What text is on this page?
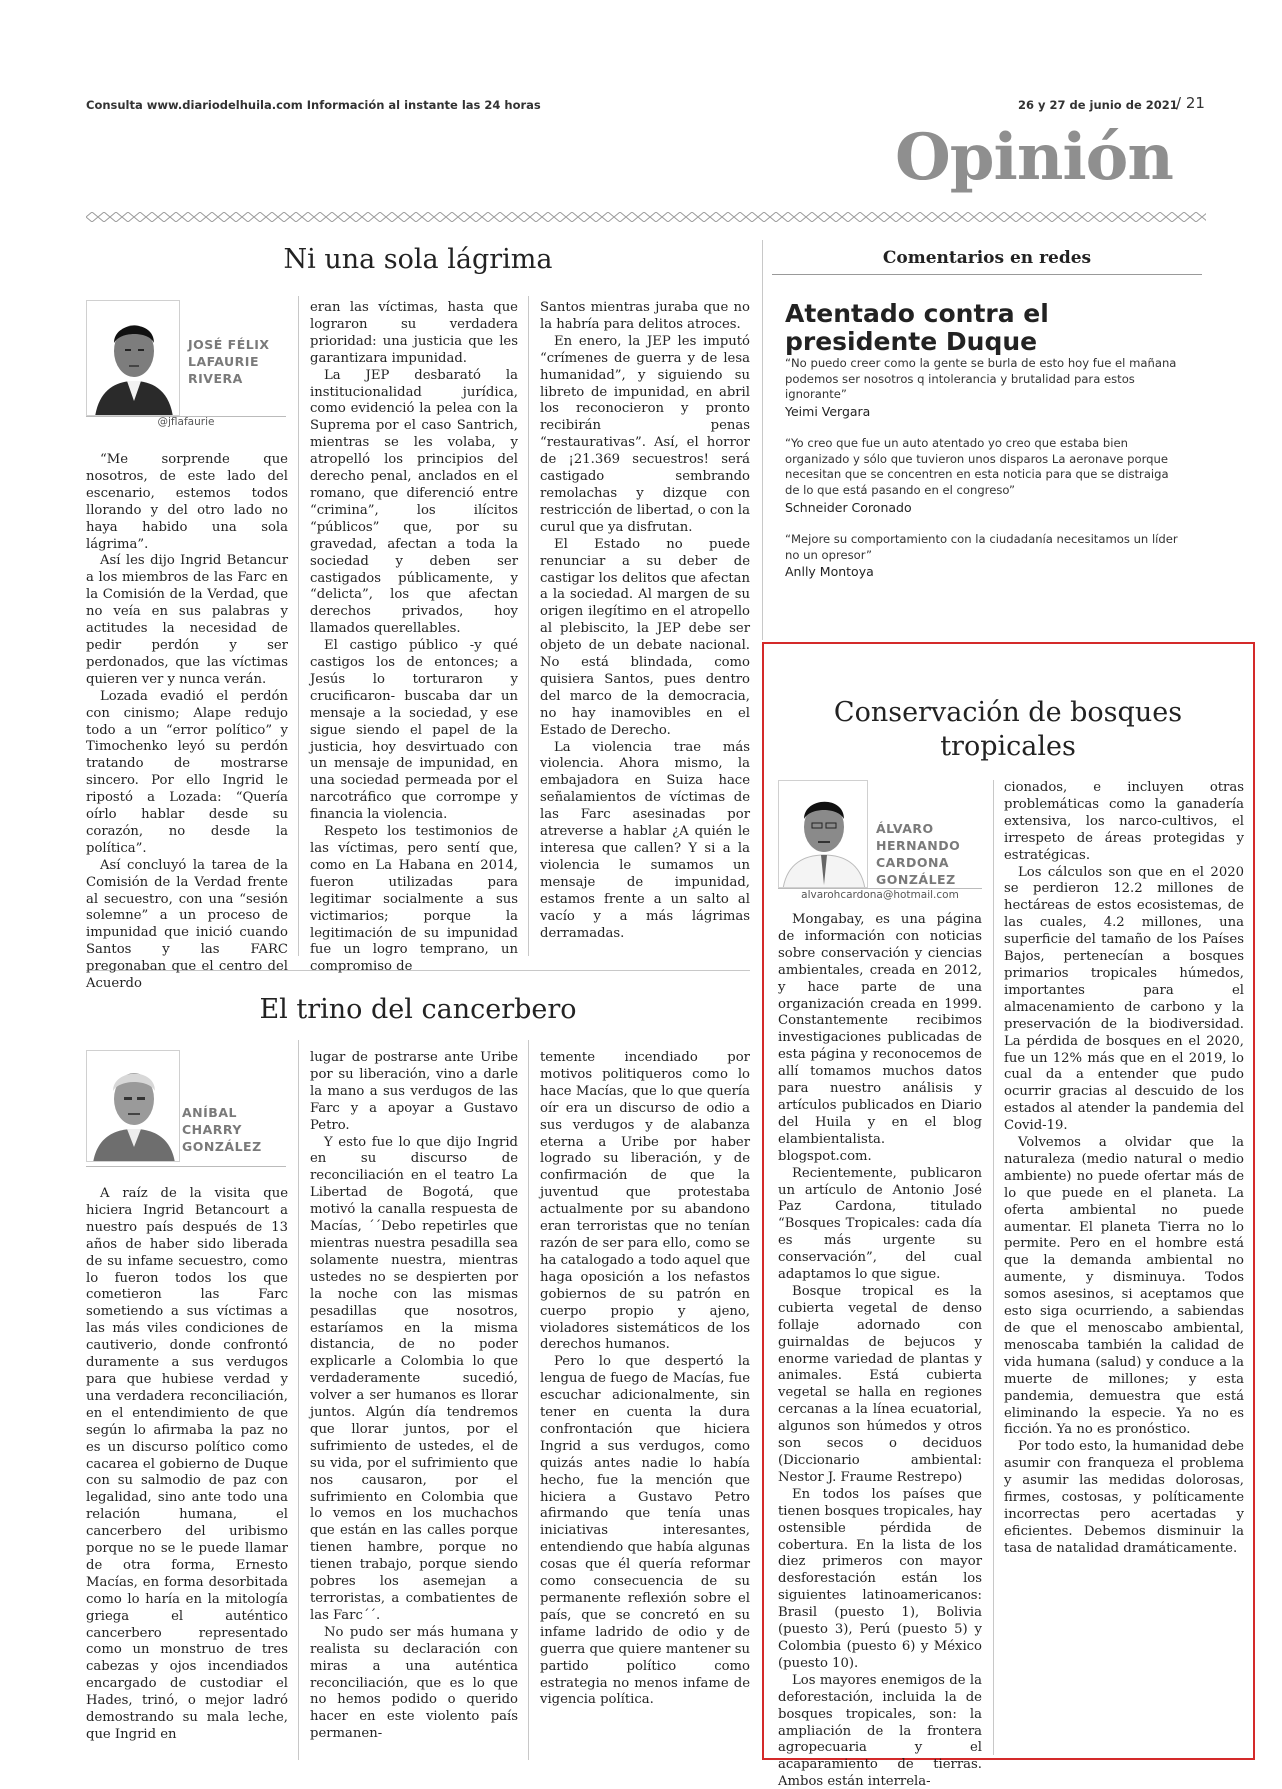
Consulta www.diariodelhuila.com Información al instante las 24 horas	26 y 27 de junio de 2021
/ 21
Opinión
Ni una sola lágrima
JOSÉ FÉLIX
LAFAURIE
RIVERA
@jflafaurie

“Me sorprende que nosotros, de este lado del escenario, estemos todos llorando y del otro lado no haya habido una sola lágrima”.

Así les dijo Ingrid Betancur a los miembros de las Farc en la Comisión de la Verdad, que no veía en sus palabras y actitudes la necesidad de pedir perdón y ser perdonados, que las víctimas quieren ver y nunca verán.

Lozada evadió el perdón con cinismo; Alape redujo todo a un “error político” y Timochenko leyó su perdón tratando de mostrarse sincero. Por ello Ingrid le ripostó a Lozada: “Quería oírlo hablar desde su corazón, no desde la política”.

Así concluyó la tarea de la Comisión de la Verdad frente al secuestro, con una “sesión solemne” a un proceso de impunidad que inició cuando Santos y las FARC pregonaban que el centro del Acuerdo

eran las víctimas, hasta que lograron su verdadera prioridad: una justicia que les garantizara impunidad.

La JEP desbarató la institucionalidad jurídica, como evidenció la pelea con la Suprema por el caso Santrich, mientras se les volaba, y atropelló los principios del derecho penal, anclados en el romano, que diferenció entre “crimina”, los ilícitos “públicos” que, por su gravedad, afectan a toda la sociedad y deben ser castigados públicamente, y “delicta”, los que afectan derechos privados, hoy llamados querellables.

El castigo público -y qué castigos los de entonces; a Jesús lo torturaron y crucificaron- buscaba dar un mensaje a la sociedad, y ese sigue siendo el papel de la justicia, hoy desvirtuado con un mensaje de impunidad, en una sociedad permeada por el narcotráfico que corrompe y financia la violencia.

Respeto los testimonios de las víctimas, pero sentí que, como en La Habana en 2014, fueron utilizadas para legitimar socialmente a sus victimarios; porque la legitimación de su impunidad fue un logro temprano, un compromiso de

Santos mientras juraba que no la habría para delitos atroces.

En enero, la JEP les imputó “crímenes de guerra y de lesa humanidad”, y siguiendo su libreto de impunidad, en abril los reconocieron y pronto recibirán penas “restaurativas”. Así, el horror de ¡21.369 secuestros! será castigado sembrando remolachas y dizque con restricción de libertad, o con la curul que ya disfrutan.

El Estado no puede renunciar a su deber de castigar los delitos que afectan a la sociedad. Al margen de su origen ilegítimo en el atropello al plebiscito, la JEP debe ser objeto de un debate nacional. No está blindada, como quisiera Santos, pues dentro del marco de la democracia, no hay inamovibles en el Estado de Derecho.

La violencia trae más violencia. Ahora mismo, la embajadora en Suiza hace señalamientos de víctimas de las Farc asesinadas por atreverse a hablar ¿A quién le interesa que callen? Y si a la violencia le sumamos un mensaje de impunidad, estamos frente a un salto al vacío y a más lágrimas derramadas.

El trino del cancerbero
ANÍBAL
CHARRY
GONZÁLEZ

A raíz de la visita que hiciera Ingrid Betancourt a nuestro país después de 13 años de haber sido liberada de su infame secuestro, como lo fueron todos los que cometieron las Farc sometiendo a sus víctimas a las más viles condiciones de cautiverio, donde confrontó duramente a sus verdugos para que hubiese verdad y una verdadera reconciliación, en el entendimiento de que según lo afirmaba la paz no es un discurso político como cacarea el gobierno de Duque con su salmodio de paz con legalidad, sino ante todo una relación humana, el cancerbero del uribismo porque no se le puede llamar de otra forma, Ernesto Macías, en forma desorbitada como lo haría en la mitología griega el auténtico cancerbero representado como un monstruo de tres cabezas y ojos incendiados encargado de custodiar el Hades, trinó, o mejor ladró demostrando su mala leche, que Ingrid en

lugar de postrarse ante Uribe por su liberación, vino a darle la mano a sus verdugos de las Farc y a apoyar a Gustavo Petro.

Y esto fue lo que dijo Ingrid en su discurso de reconciliación en el teatro La Libertad de Bogotá, que motivó la canalla respuesta de Macías, ´´Debo repetirles que mientras nuestra pesadilla sea solamente nuestra, mientras ustedes no se despierten por la noche con las mismas pesadillas que nosotros, estaríamos en la misma distancia, de no poder explicarle a Colombia lo que verdaderamente sucedió, volver a ser humanos es llorar juntos. Algún día tendremos que llorar juntos, por el sufrimiento de ustedes, el de su vida, por el sufrimiento que nos causaron, por el sufrimiento en Colombia que lo vemos en los muchachos que están en las calles porque tienen hambre, porque no tienen trabajo, porque siendo pobres los asemejan a terroristas, a combatientes de las Farc´´.

No pudo ser más humana y realista su declaración con miras a una auténtica reconciliación, que es lo que no hemos podido o querido hacer en este violento país permanen-

temente incendiado por motivos politiqueros como lo hace Macías, que lo que quería oír era un discurso de odio a sus verdugos y de alabanza eterna a Uribe por haber logrado su liberación, y de confirmación de que la juventud que protestaba actualmente por su abandono eran terroristas que no tenían razón de ser para ello, como se ha catalogado a todo aquel que haga oposición a los nefastos gobiernos de su patrón en cuerpo propio y ajeno, violadores sistemáticos de los derechos humanos.

Pero lo que despertó la lengua de fuego de Macías, fue escuchar adicionalmente, sin tener en cuenta la dura confrontación que hiciera Ingrid a sus verdugos, como quizás antes nadie lo había hecho, fue la mención que hiciera a Gustavo Petro afirmando que tenía unas iniciativas interesantes, entendiendo que había algunas cosas que él quería reformar como consecuencia de su permanente reflexión sobre el país, que se concretó en su infame ladrido de odio y de guerra que quiere mantener su partido político como estrategia no menos infame de vigencia política.

Comentarios en redes
Atentado contra el presidente Duque
“No puedo creer como la gente se burla de esto hoy fue el mañana podemos ser nosotros q intolerancia y brutalidad para estos ignorante”
Yeimi Vergara
“Yo creo que fue un auto atentado yo creo que estaba bien organizado y sólo que tuvieron unos disparos La aeronave porque necesitan que se concentren en esta noticia para que se distraiga de lo que está pasando en el congreso”
Schneider Coronado
“Mejore su comportamiento con la ciudadanía necesitamos un líder no un opresor”
Anlly Montoya
Conservación de bosques
tropicales
ÁLVARO
HERNANDO
CARDONA
GONZÁLEZ
alvarohcardona@hotmail.com

Mongabay, es una página de información con noticias sobre conservación y ciencias ambientales, creada en 2012, y hace parte de una organización creada en 1999. Constantemente recibimos investigaciones publicadas de esta página y reconocemos de allí tomamos muchos datos para nuestro análisis y artículos publicados en Diario del Huila y en el blog elambientalista. blogspot.com.

Recientemente, publicaron un artículo de Antonio José Paz Cardona, titulado “Bosques Tropicales: cada día es más urgente su conservación”, del cual adaptamos lo que sigue.

Bosque tropical es la cubierta vegetal de denso follaje adornado con guirnaldas de bejucos y enorme variedad de plantas y animales. Está cubierta vegetal se halla en regiones cercanas a la línea ecuatorial, algunos son húmedos y otros son secos o deciduos (Diccionario ambiental: Nestor J. Fraume Restrepo)

En todos los países que tienen bosques tropicales, hay ostensible pérdida de cobertura. En la lista de los diez primeros con mayor desforestación están los siguientes latinoamericanos: Brasil (puesto 1), Bolivia (puesto 3), Perú (puesto 5) y Colombia (puesto 6) y México (puesto 10).

Los mayores enemigos de la deforestación, incluida la de bosques tropicales, son: la ampliación de la frontera agropecuaria y el acaparamiento de tierras. Ambos están interrela-

cionados, e incluyen otras problemáticas como la ganadería extensiva, los narco-cultivos, el irrespeto de áreas protegidas y estratégicas.

Los cálculos son que en el 2020 se perdieron 12.2 millones de hectáreas de estos ecosistemas, de las cuales, 4.2 millones, una superficie del tamaño de los Países Bajos, pertenecían a bosques primarios tropicales húmedos, importantes para el almacenamiento de carbono y la preservación de la biodiversidad. La pérdida de bosques en el 2020, fue un 12% más que en el 2019, lo cual da a entender que pudo ocurrir gracias al descuido de los estados al atender la pandemia del Covid-19.

Volvemos a olvidar que la naturaleza (medio natural o medio ambiente) no puede ofertar más de lo que puede en el planeta. La oferta ambiental no puede aumentar. El planeta Tierra no lo permite. Pero en el hombre está que la demanda ambiental no aumente, y disminuya. Todos somos asesinos, si aceptamos que esto siga ocurriendo, a sabiendas de que el menoscabo ambiental, menoscaba también la calidad de vida humana (salud) y conduce a la muerte de millones; y esta pandemia, demuestra que está eliminando la especie. Ya no es ficción. Ya no es pronóstico.

Por todo esto, la humanidad debe asumir con franqueza el problema y asumir las medidas dolorosas, firmes, costosas, y políticamente incorrectas pero acertadas y eficientes. Debemos disminuir la tasa de natalidad dramáticamente.
